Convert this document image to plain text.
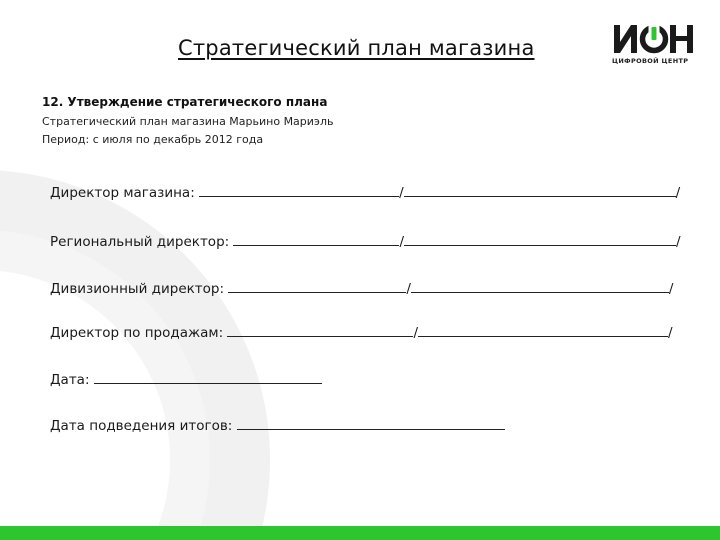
Стратегический план магазина
ЦИФРОВОЙ ЦЕНТР
12. Утверждение стратегического плана
Стратегический план магазина Марьино Мариэль
Период: с июля по декабрь 2012 года
Директор магазина:	/	/
Региональный директор:	/	/
Дивизионный директор:	/	/
Директор по продажам:	/	/
Дата:
Дата подведения итогов:
